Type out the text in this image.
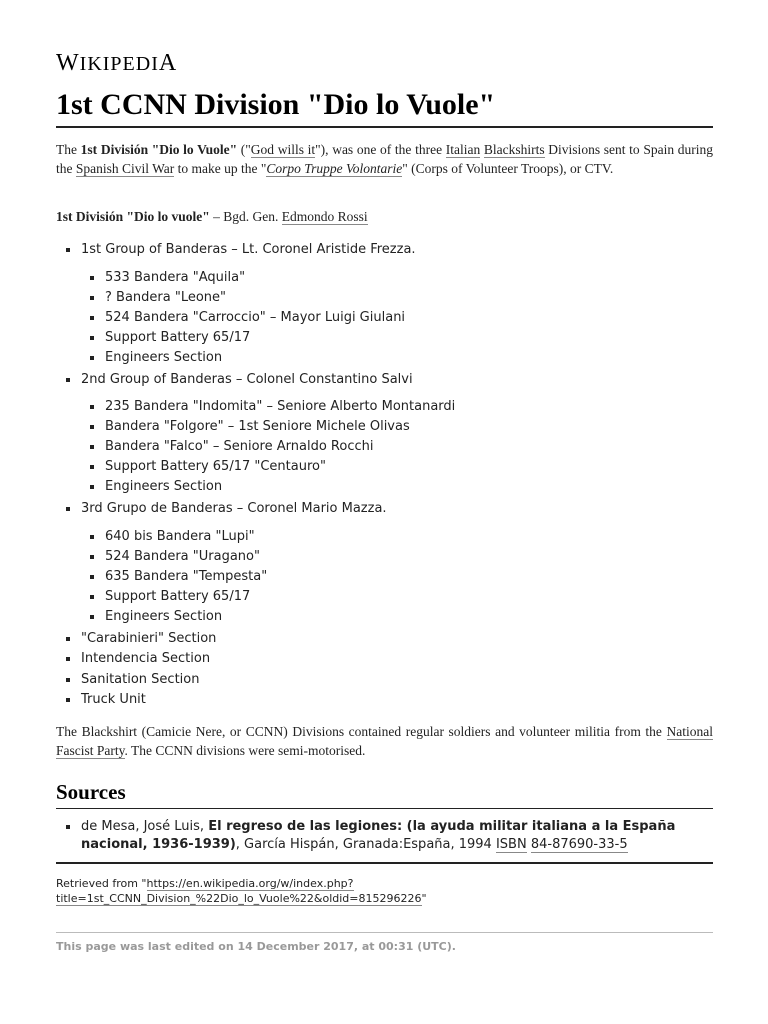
WIKIPEDIA
1st CCNN Division "Dio lo Vuole"

The 1st División "Dio lo Vuole" ("God wills it"), was one of the three Italian Blackshirts Divisions sent to Spain during the Spanish Civil War to make up the "Corpo Truppe Volontarie" (Corps of Volunteer Troops), or CTV.

1st División "Dio lo vuole" – Bgd. Gen. Edmondo Rossi

1st Group of Banderas – Lt. Coronel Aristide Frezza.
533 Bandera "Aquila"
? Bandera "Leone"
524 Bandera "Carroccio" – Mayor Luigi Giulani
Support Battery 65/17
Engineers Section
2nd Group of Banderas – Colonel Constantino Salvi
235 Bandera "Indomita" – Seniore Alberto Montanardi
Bandera "Folgore" – 1st Seniore Michele Olivas
Bandera "Falco" – Seniore Arnaldo Rocchi
Support Battery 65/17 "Centauro"
Engineers Section
3rd Grupo de Banderas – Coronel Mario Mazza.
640 bis Bandera "Lupi"
524 Bandera "Uragano"
635 Bandera "Tempesta"
Support Battery 65/17
Engineers Section
"Carabinieri" Section
Intendencia Section
Sanitation Section
Truck Unit

The Blackshirt (Camicie Nere, or CCNN) Divisions contained regular soldiers and volunteer militia from the National Fascist Party. The CCNN divisions were semi-motorised.

Sources
de Mesa, José Luis, El regreso de las legiones: (la ayuda militar italiana a la España nacional, 1936-1939), García Hispán, Granada:España, 1994 ISBN 84-87690-33-5
Retrieved from "https://en.wikipedia.org/w/index.php?
title=1st_CCNN_Division_%22Dio_lo_Vuole%22&oldid=815296226"
This page was last edited on 14 December 2017, at 00:31 (UTC).
